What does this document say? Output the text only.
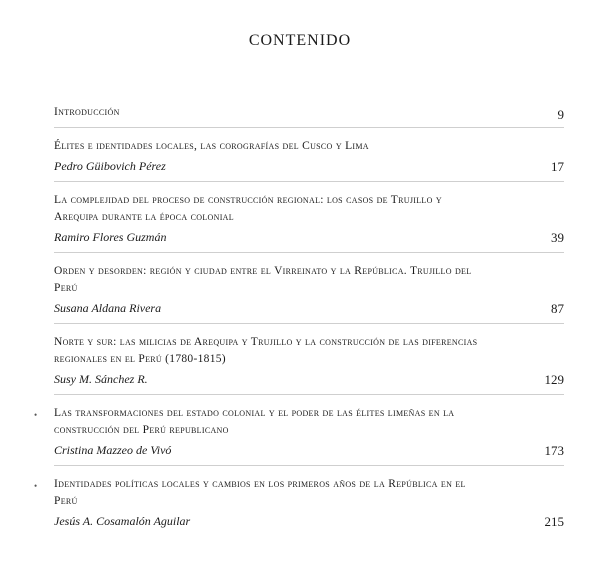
CONTENIDO
Introducción	9
Élites e identidades locales, las corografías del Cusco y Lima
Pedro Güibovich Pérez	17
La complejidad del proceso de construcción regional: los casos de Trujillo y Arequipa durante la época colonial
Ramiro Flores Guzmán	39
Orden y desorden: región y ciudad entre el Virreinato y la República. Trujillo del Perú
Susana Aldana Rivera	87
Norte y sur: las milicias de Arequipa y Trujillo y la construcción de las diferencias regionales en el Perú (1780-1815)
Susy M. Sánchez R.	129
• Las transformaciones del estado colonial y el poder de las élites limeñas en la construcción del Perú republicano
Cristina Mazzeo de Vivó	173
• Identidades políticas locales y cambios en los primeros años de la República en el Perú
Jesús A. Cosamalón Aguilar	215
